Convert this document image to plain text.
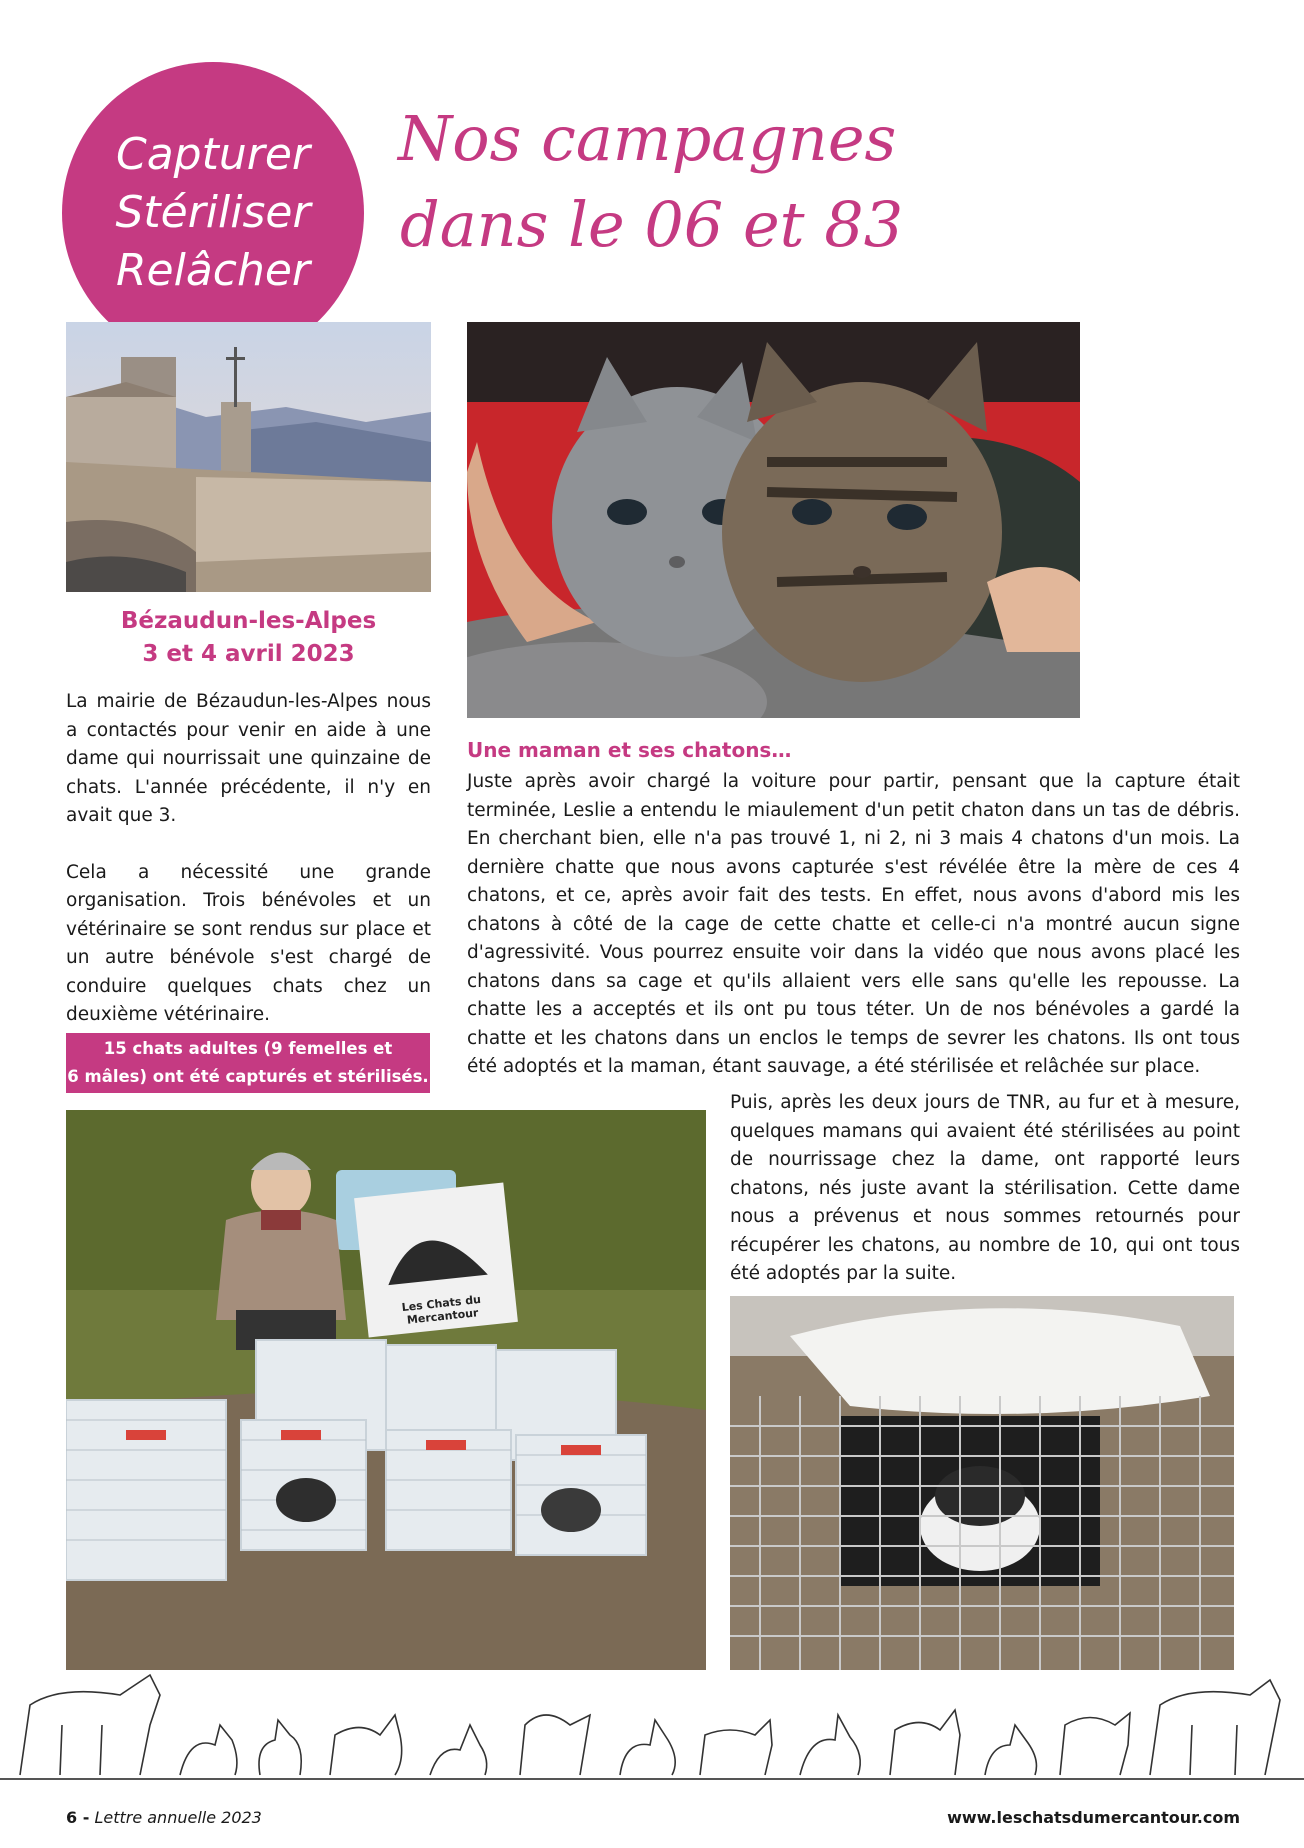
Capturer
Stériliser
Relâcher
Nos campagnes
dans le 06 et 83
Bézaudun-les-Alpes
3 et 4 avril 2023

La mairie de Bézaudun-les-Alpes nous a contactés pour venir en aide à une dame qui nourrissait une quinzaine de chats. L'année précédente, il n'y en avait que 3.

Cela a nécessité une grande organisation. Trois bénévoles et un vétérinaire se sont rendus sur place et un autre bénévole s'est chargé de conduire quelques chats chez un deuxième vétérinaire.

15 chats adultes (9 femelles et
6 mâles) ont été capturés et stérilisés.
Une maman et ses chatons…
Juste après avoir chargé la voiture pour partir, pensant que la capture était terminée, Leslie a entendu le miaulement d'un petit chaton dans un tas de débris. En cherchant bien, elle n'a pas trouvé 1, ni 2, ni 3 mais 4 chatons d'un mois. La dernière chatte que nous avons capturée s'est révélée être la mère de ces 4 chatons, et ce, après avoir fait des tests. En effet, nous avons d'abord mis les chatons à côté de la cage de cette chatte et celle-ci n'a montré aucun signe d'agressivité. Vous pourrez ensuite voir dans la vidéo que nous avons placé les chatons dans sa cage et qu'ils allaient vers elle sans qu'elle les repousse. La chatte les a acceptés et ils ont pu tous téter. Un de nos bénévoles a gardé la chatte et les chatons dans un enclos le temps de sevrer les chatons. Ils ont tous été adoptés et la maman, étant sauvage, a été stérilisée et relâchée sur place.
Puis, après les deux jours de TNR, au fur et à mesure, quelques mamans qui avaient été stérilisées au point de nourrissage chez la dame, ont rapporté leurs chatons, nés juste avant la stérilisation. Cette dame nous a prévenus et nous sommes retournés pour récupérer les chatons, au nombre de 10, qui ont tous été adoptés par la suite.
Les Chats du Mercantour
6 - Lettre annuelle 2023	www.leschatsdumercantour.com
